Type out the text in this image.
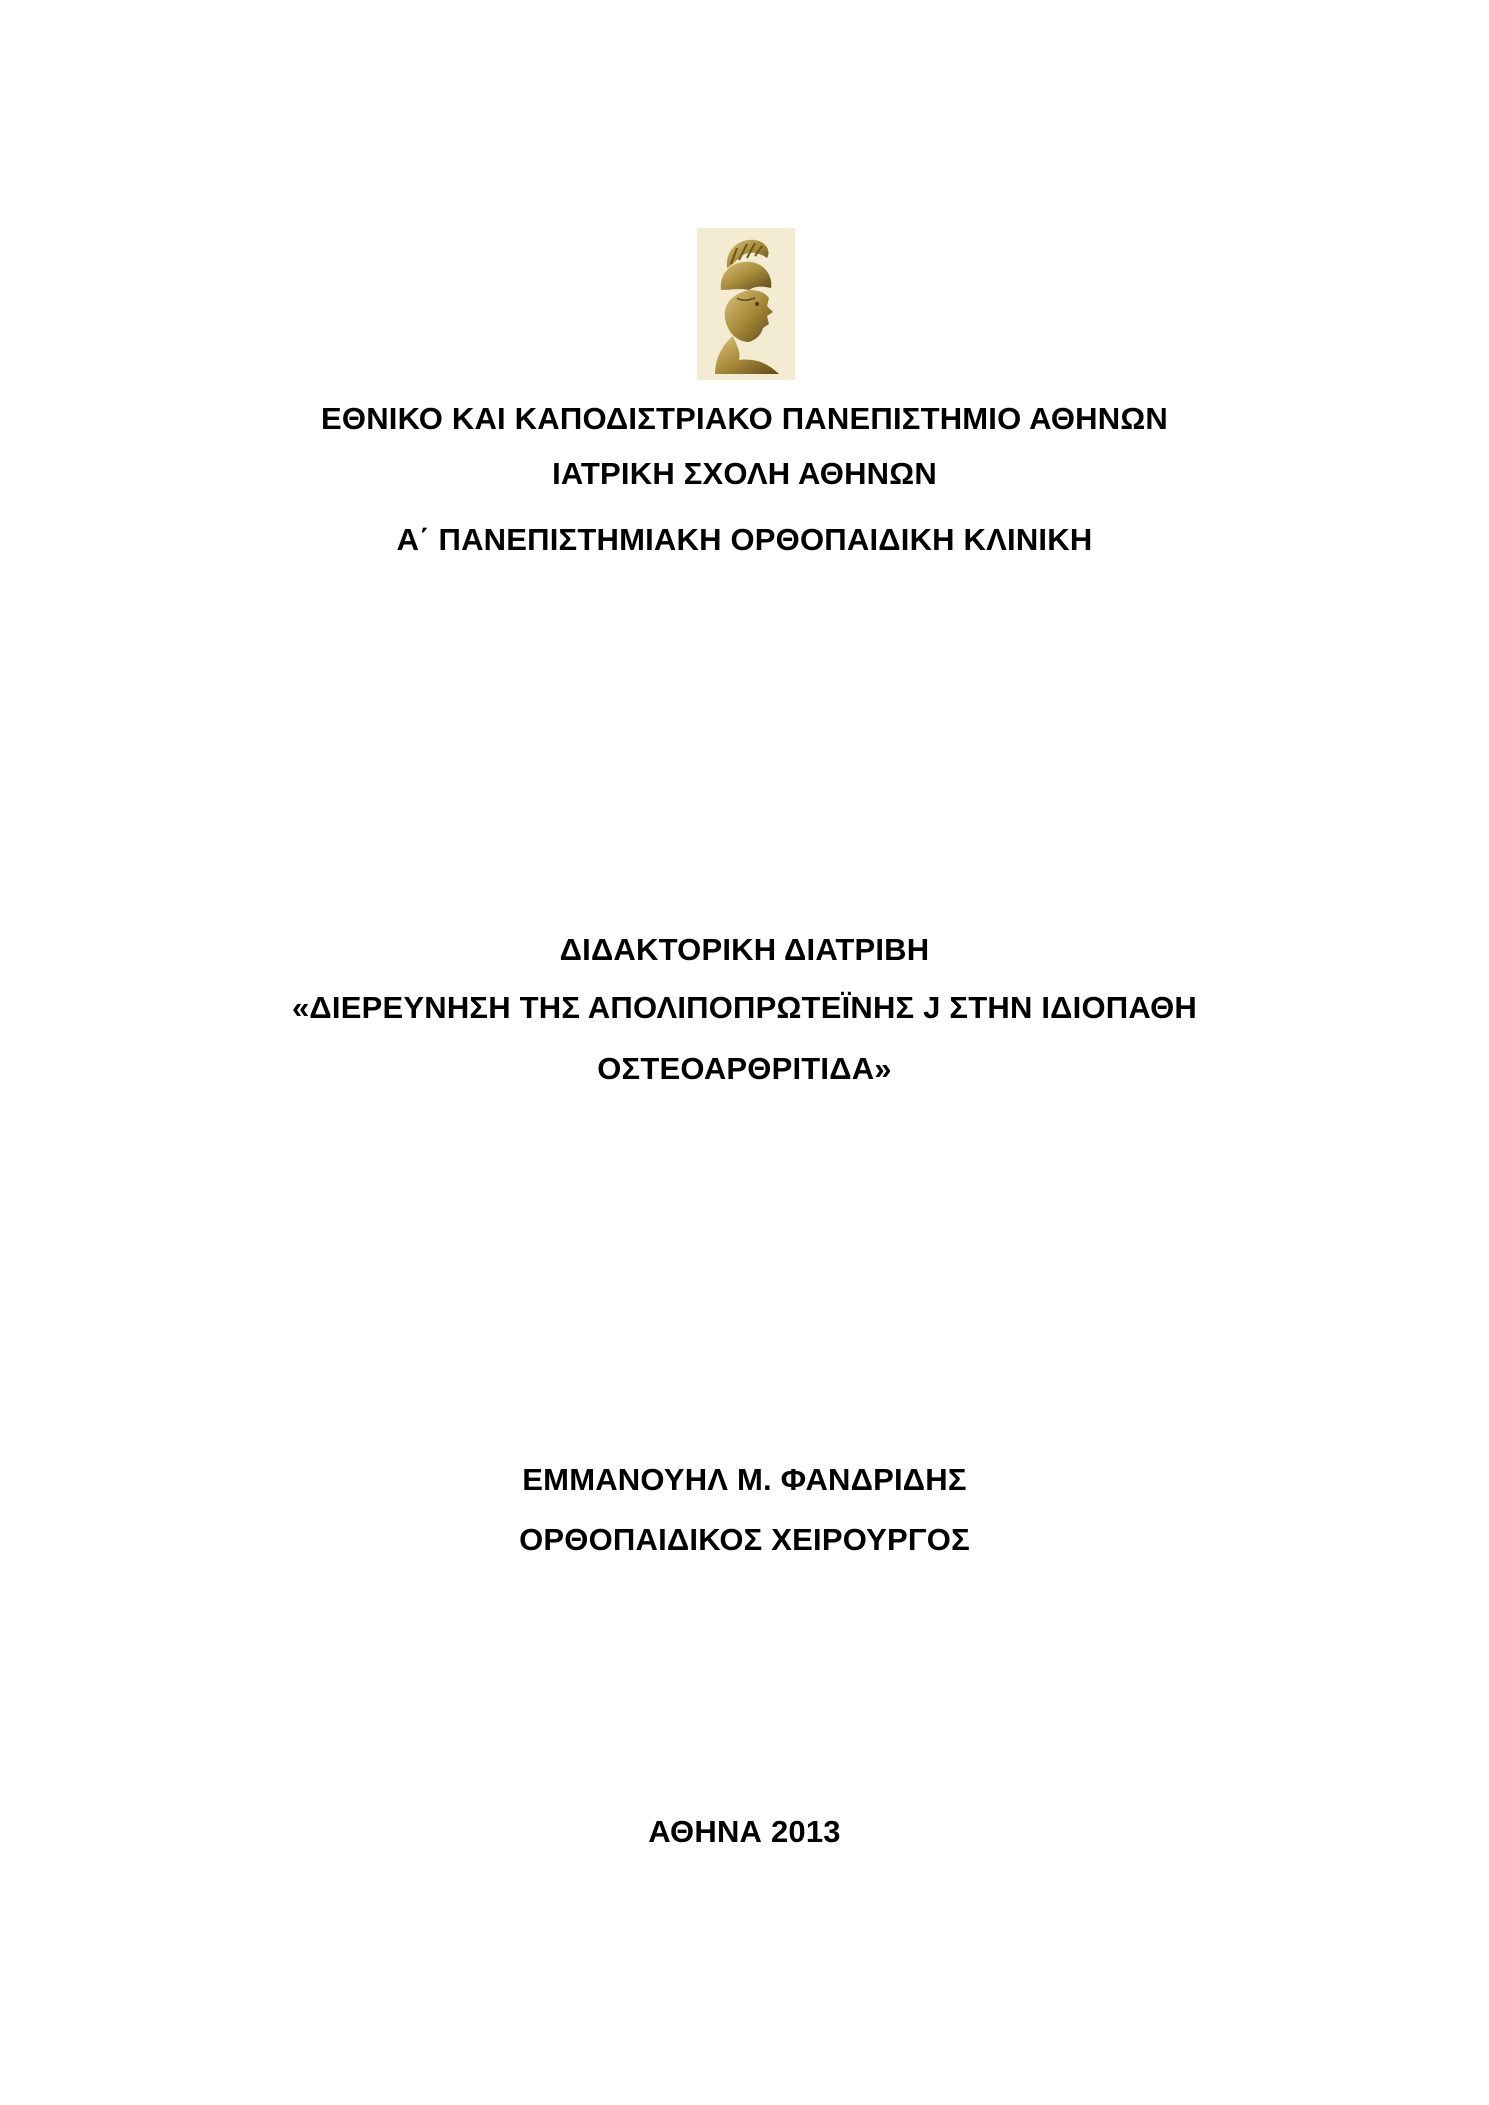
ΕΘΝΙΚΟ ΚΑΙ ΚΑΠΟΔΙΣΤΡΙΑΚΟ ΠΑΝΕΠΙΣΤΗΜΙΟ ΑΘΗΝΩΝ
ΙΑΤΡΙΚΗ ΣΧΟΛΗ ΑΘΗΝΩΝ
Α΄ ΠΑΝΕΠΙΣΤΗΜΙΑΚΗ ΟΡΘΟΠΑΙΔΙΚΗ ΚΛΙΝΙΚΗ
ΔΙΔΑΚΤΟΡΙΚΗ ΔΙΑΤΡΙΒΗ
«ΔΙΕΡΕΥΝΗΣΗ ΤΗΣ ΑΠΟΛΙΠΟΠΡΩΤΕΪΝΗΣ J ΣΤΗΝ ΙΔΙΟΠΑΘΗ
ΟΣΤΕΟΑΡΘΡΙΤΙΔΑ»
ΕΜΜΑΝΟΥΗΛ Μ. ΦΑΝΔΡΙΔΗΣ
ΟΡΘΟΠΑΙΔΙΚΟΣ ΧΕΙΡΟΥΡΓΟΣ
ΑΘΗΝΑ 2013
